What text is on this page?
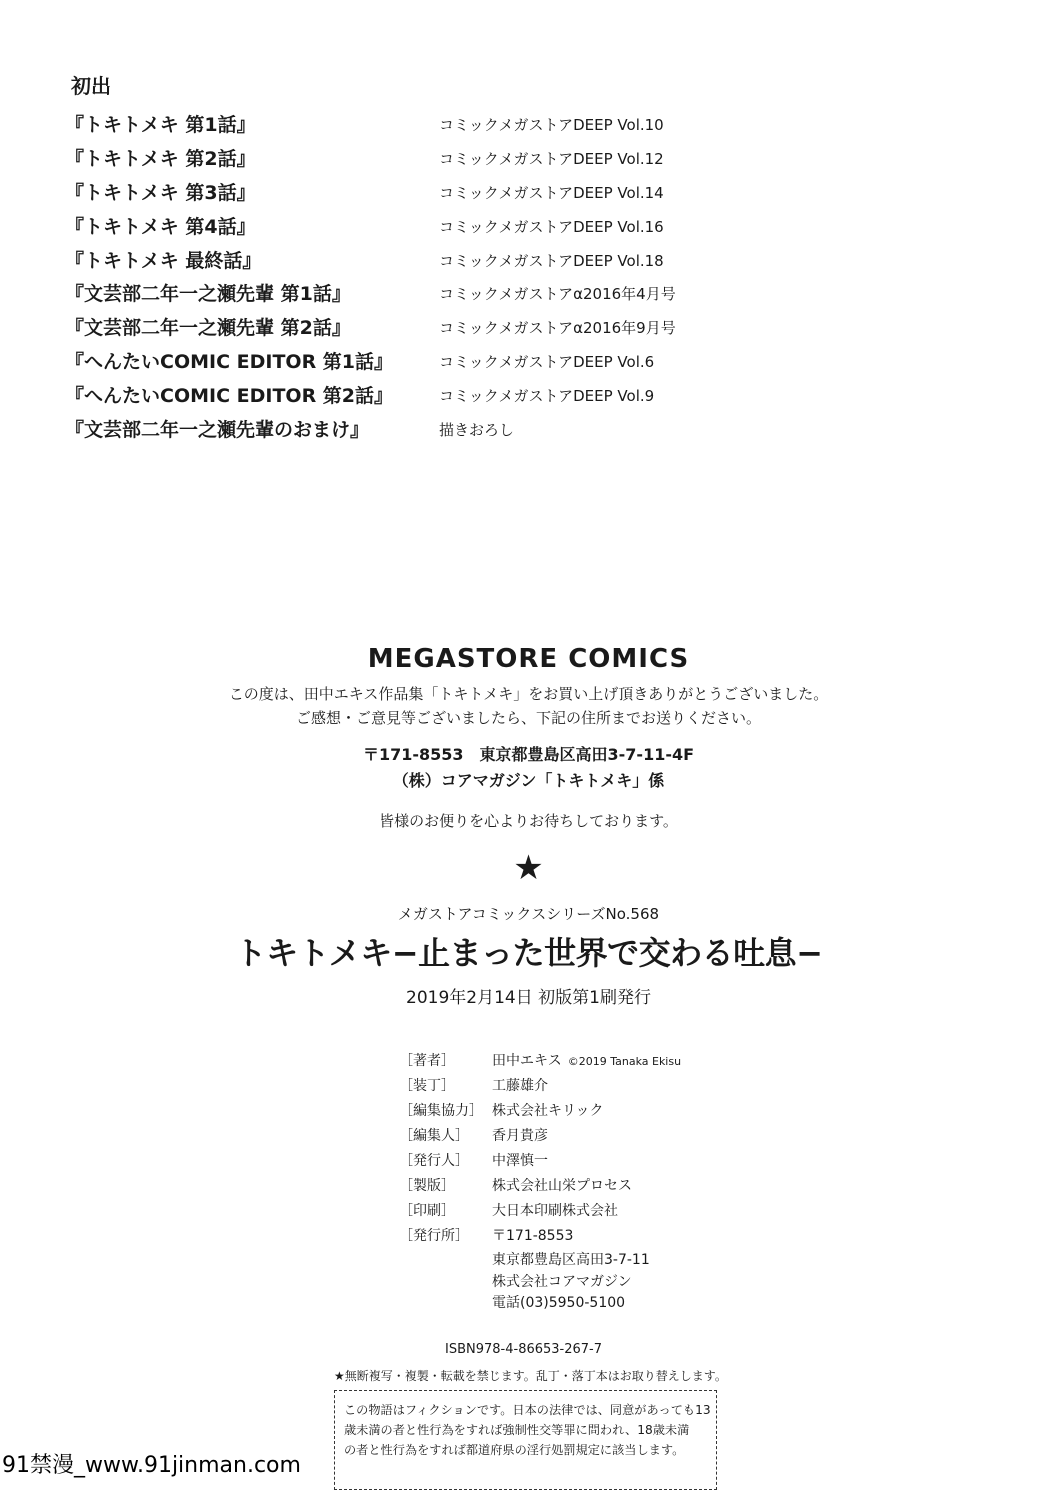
初出
『トキトメキ 第1話』	コミックメガストアDEEP Vol.10
『トキトメキ 第2話』	コミックメガストアDEEP Vol.12
『トキトメキ 第3話』	コミックメガストアDEEP Vol.14
『トキトメキ 第4話』	コミックメガストアDEEP Vol.16
『トキトメキ 最終話』	コミックメガストアDEEP Vol.18
『文芸部二年一之瀬先輩 第1話』	コミックメガストアα2016年4月号
『文芸部二年一之瀬先輩 第2話』	コミックメガストアα2016年9月号
『へんたいCOMIC EDITOR 第1話』	コミックメガストアDEEP Vol.6
『へんたいCOMIC EDITOR 第2話』	コミックメガストアDEEP Vol.9
『文芸部二年一之瀬先輩のおまけ』	描きおろし
MEGASTORE COMICS
この度は、田中エキス作品集「トキトメキ」をお買い上げ頂きありがとうございました。
ご感想・ご意見等ございましたら、下記の住所までお送りください。
〒171-8553　東京都豊島区高田3-7-11-4F
（株）コアマガジン「トキトメキ」係
皆様のお便りを心よりお待ちしております。
★
メガストアコミックスシリーズNo.568
トキトメキ−止まった世界で交わる吐息−
2019年2月14日 初版第1刷発行
［著者］	田中エキス ©2019 Tanaka Ekisu
［装丁］	工藤雄介
［編集協力］ 株式会社キリック
［編集人］ 香月貴彦
［発行人］ 中澤慎一
［製版］	株式会社山栄プロセス
［印刷］	大日本印刷株式会社
［発行所］ 〒171-8553
東京都豊島区高田3-7-11
株式会社コアマガジン
電話(03)5950-5100
ISBN978-4-86653-267-7
★無断複写・複製・転載を禁じます。乱丁・落丁本はお取り替えします。
この物語はフィクションです。日本の法律では、同意があっても13
歳未満の者と性行為をすれば強制性交等罪に問われ、18歳未満
の者と性行為をすれば都道府県の淫行処罰規定に該当します。
91禁漫_www.91jinman.com
